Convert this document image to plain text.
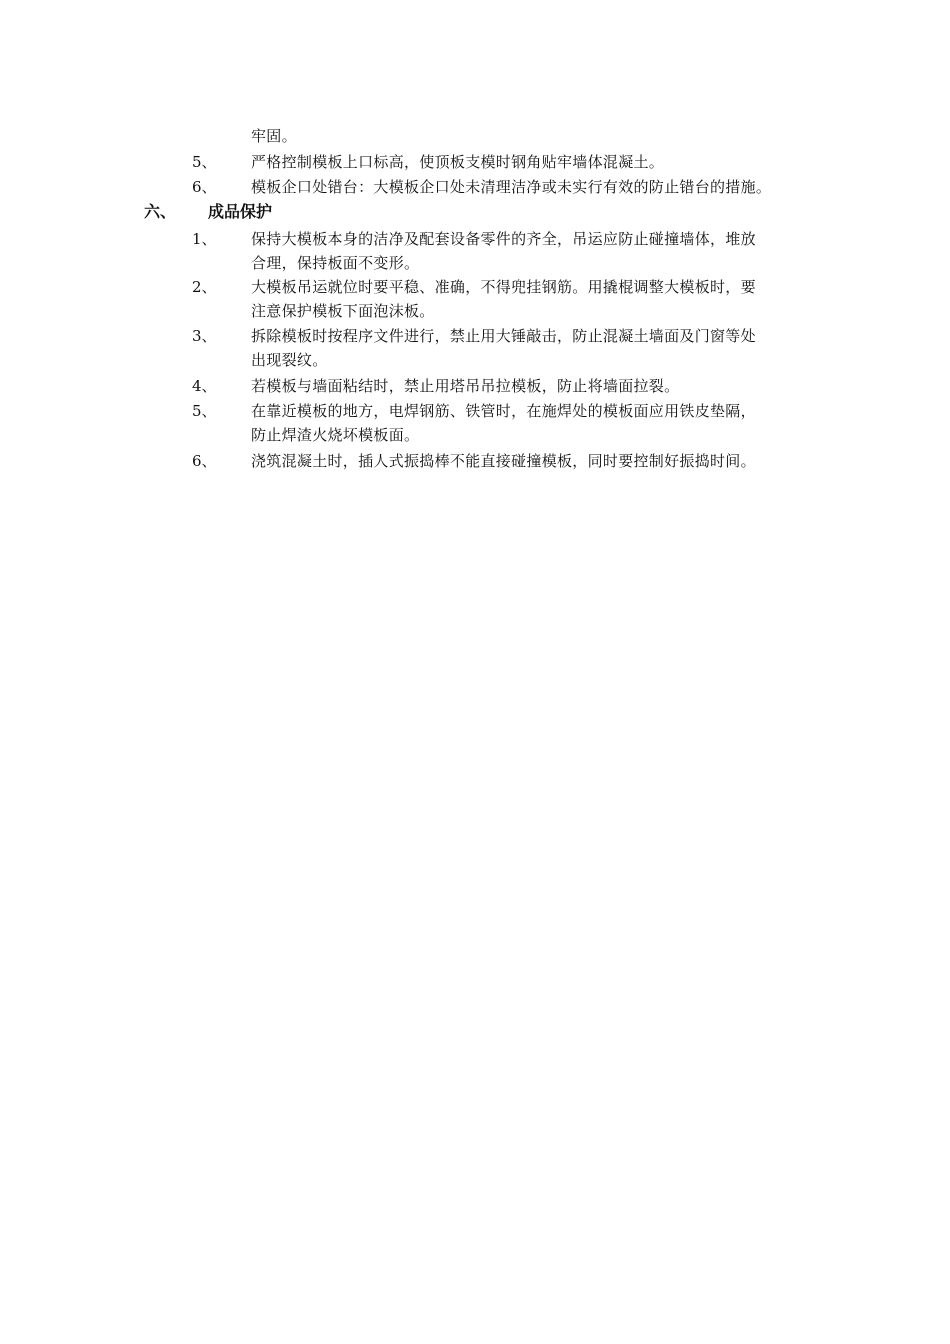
牢固。
5、 严格控制模板上口标高，使顶板支模时钢角贴牢墙体混凝土。
6、 模板企口处错台：大模板企口处未清理洁净或未实行有效的防止错台的措施。
六、 成品保护
1、 保持大模板本身的洁净及配套设备零件的齐全，吊运应防止碰撞墙体，堆放
合理，保持板面不变形。
2、 大模板吊运就位时要平稳、准确，不得兜挂钢筋。用撬棍调整大模板时，要
注意保护模板下面泡沫板。
3、 拆除模板时按程序文件进行，禁止用大锤敲击，防止混凝土墙面及门窗等处
出现裂纹。
4、 若模板与墙面粘结时，禁止用塔吊吊拉模板，防止将墙面拉裂。
5、 在靠近模板的地方，电焊钢筋、铁管时，在施焊处的模板面应用铁皮垫隔，
防止焊渣火烧坏模板面。
6、 浇筑混凝土时，插人式振捣棒不能直接碰撞模板，同时要控制好振捣时间。
